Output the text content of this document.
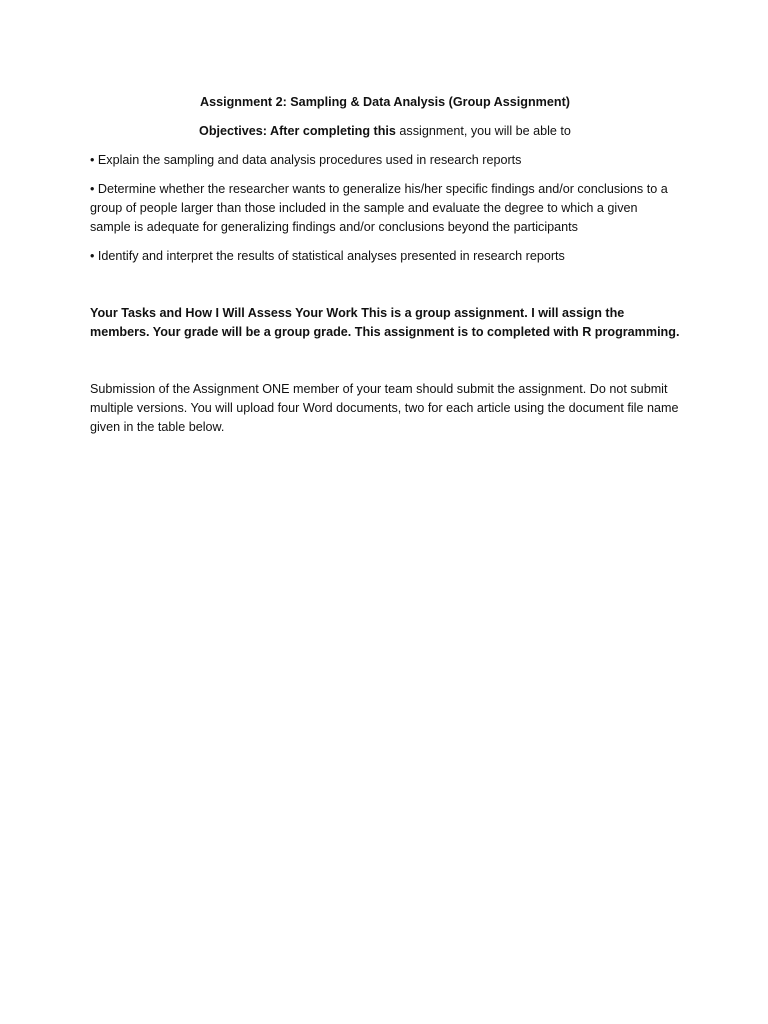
Assignment 2: Sampling & Data Analysis (Group Assignment)

Objectives: After completing this assignment, you will be able to

• Explain the sampling and data analysis procedures used in research reports

• Determine whether the researcher wants to generalize his/her specific findings and/or conclusions to a group of people larger than those included in the sample and evaluate the degree to which a given sample is adequate for generalizing findings and/or conclusions beyond the participants

• Identify and interpret the results of statistical analyses presented in research reports

Your Tasks and How I Will Assess Your Work This is a group assignment. I will assign the members. Your grade will be a group grade. This assignment is to completed with R programming.

Submission of the Assignment ONE member of your team should submit the assignment. Do not submit multiple versions. You will upload four Word documents, two for each article using the document file name given in the table below.
